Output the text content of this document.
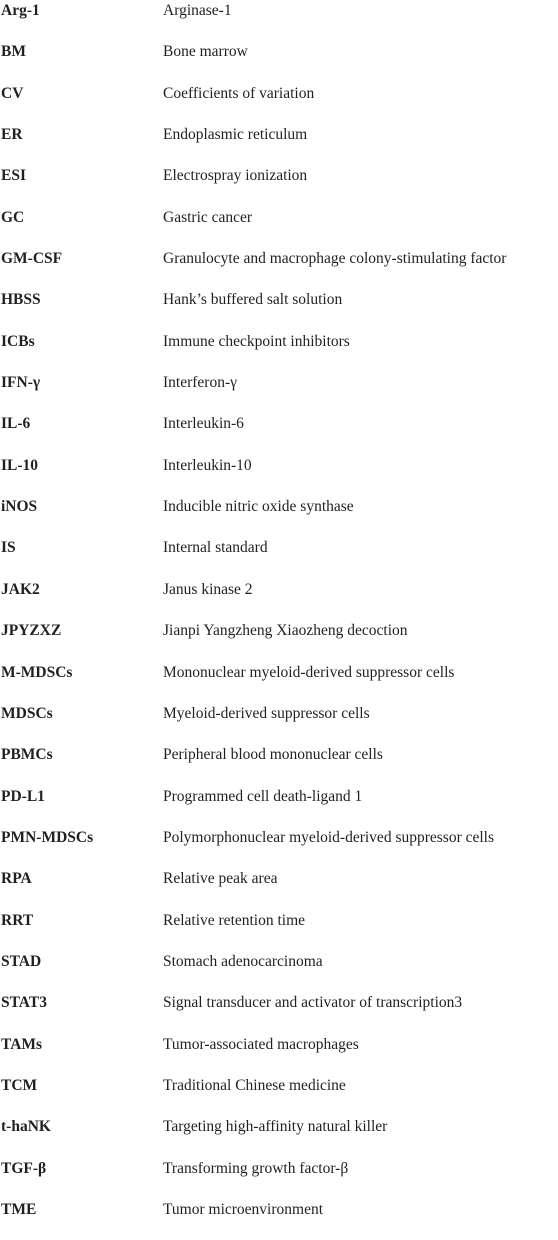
Arg-1	Arginase-1
BM	Bone marrow
CV	Coefficients of variation
ER	Endoplasmic reticulum
ESI	Electrospray ionization
GC	Gastric cancer
GM-CSF	Granulocyte and macrophage colony-stimulating factor
HBSS	Hank’s buffered salt solution
ICBs	Immune checkpoint inhibitors
IFN-γ	Interferon-γ
IL-6	Interleukin-6
IL-10	Interleukin-10
iNOS	Inducible nitric oxide synthase
IS	Internal standard
JAK2	Janus kinase 2
JPYZXZ	Jianpi Yangzheng Xiaozheng decoction
M-MDSCs	Mononuclear myeloid-derived suppressor cells
MDSCs	Myeloid-derived suppressor cells
PBMCs	Peripheral blood mononuclear cells
PD-L1	Programmed cell death-ligand 1
PMN-MDSCs	Polymorphonuclear myeloid-derived suppressor cells
RPA	Relative peak area
RRT	Relative retention time
STAD	Stomach adenocarcinoma
STAT3	Signal transducer and activator of transcription3
TAMs	Tumor-associated macrophages
TCM	Traditional Chinese medicine
t-haNK	Targeting high-affinity natural killer
TGF-β	Transforming growth factor-β
TME	Tumor microenvironment
